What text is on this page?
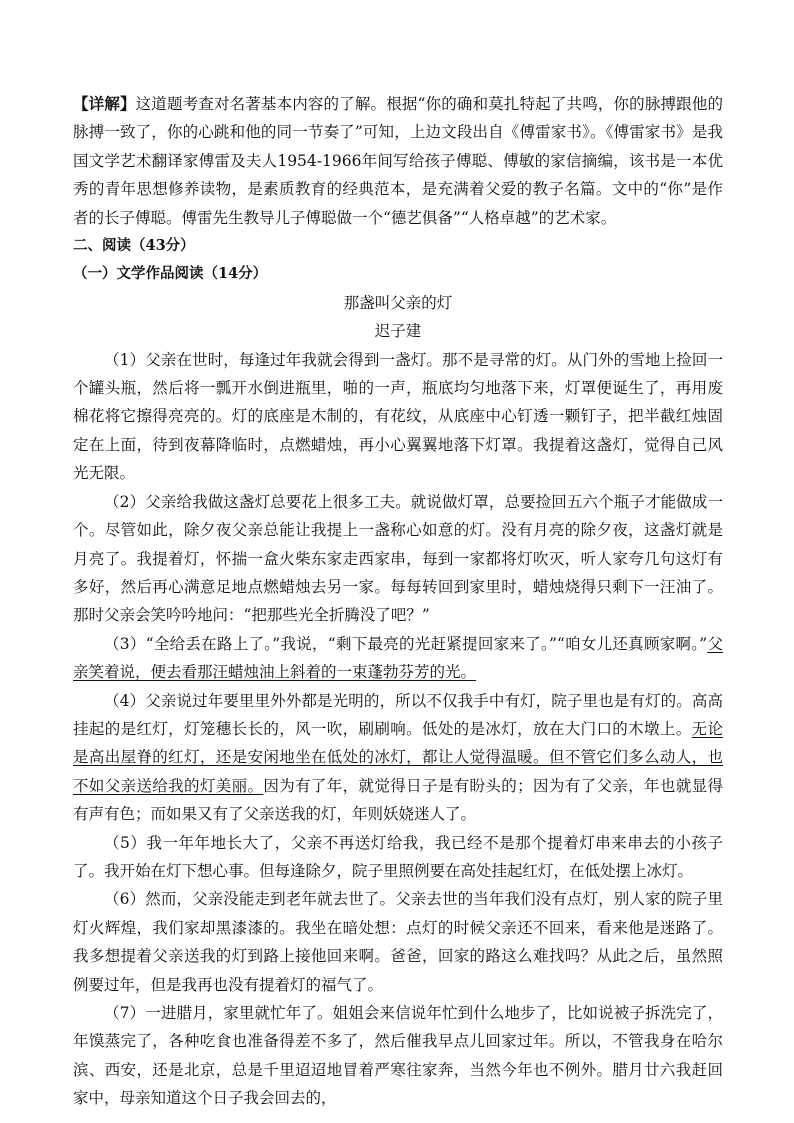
【详解】这道题考查对名著基本内容的了解。根据“你的确和莫扎特起了共鸣，你的脉搏跟他的脉搏一致了，你的心跳和他的同一节奏了”可知，上边文段出自《傅雷家书》。《傅雷家书》是我国文学艺术翻译家傅雷及夫人1954-1966年间写给孩子傅聪、傅敏的家信摘编，该书是一本优秀的青年思想修养读物，是素质教育的经典范本，是充满着父爱的教子名篇。文中的“你”是作者的长子傅聪。傅雷先生教导儿子傅聪做一个“德艺俱备”“人格卓越”的艺术家。

二、阅读（43分）

（一）文学作品阅读（14分）

那盏叫父亲的灯

迟子建

（1）父亲在世时，每逢过年我就会得到一盏灯。那不是寻常的灯。从门外的雪地上捡回一个罐头瓶，然后将一瓢开水倒进瓶里，啪的一声，瓶底均匀地落下来，灯罩便诞生了，再用废棉花将它擦得亮亮的。灯的底座是木制的，有花纹，从底座中心钉透一颗钉子，把半截红烛固定在上面，待到夜幕降临时，点燃蜡烛，再小心翼翼地落下灯罩。我提着这盏灯，觉得自己风光无限。

（2）父亲给我做这盏灯总要花上很多工夫。就说做灯罩，总要捡回五六个瓶子才能做成一个。尽管如此，除夕夜父亲总能让我提上一盏称心如意的灯。没有月亮的除夕夜，这盏灯就是月亮了。我提着灯，怀揣一盒火柴东家走西家串，每到一家都将灯吹灭，听人家夸几句这灯有多好，然后再心满意足地点燃蜡烛去另一家。每每转回到家里时，蜡烛烧得只剩下一汪油了。那时父亲会笑吟吟地问：“把那些光全折腾没了吧？”

（3）“全给丢在路上了。”我说，“剩下最亮的光赶紧提回家来了。”“咱女儿还真顾家啊。”父亲笑着说，便去看那汪蜡烛油上斜着的一束蓬勃芬芳的光。

（4）父亲说过年要里里外外都是光明的，所以不仅我手中有灯，院子里也是有灯的。高高挂起的是红灯，灯笼穗长长的，风一吹，刷刷响。低处的是冰灯，放在大门口的木墩上。无论是高出屋脊的红灯，还是安闲地坐在低处的冰灯，都让人觉得温暖。但不管它们多么动人，也不如父亲送给我的灯美丽。因为有了年，就觉得日子是有盼头的；因为有了父亲，年也就显得有声有色；而如果又有了父亲送我的灯，年则妖娆迷人了。

（5）我一年年地长大了，父亲不再送灯给我，我已经不是那个提着灯串来串去的小孩子了。我开始在灯下想心事。但每逢除夕，院子里照例要在高处挂起红灯，在低处摆上冰灯。

（6）然而，父亲没能走到老年就去世了。父亲去世的当年我们没有点灯，别人家的院子里灯火辉煌，我们家却黑漆漆的。我坐在暗处想：点灯的时候父亲还不回来，看来他是迷路了。我多想提着父亲送我的灯到路上接他回来啊。爸爸，回家的路这么难找吗？从此之后，虽然照例要过年，但是我再也没有提着灯的福气了。

（7）一进腊月，家里就忙年了。姐姐会来信说年忙到什么地步了，比如说被子拆洗完了，年馍蒸完了，各种吃食也准备得差不多了，然后催我早点儿回家过年。所以，不管我身在哈尔滨、西安，还是北京，总是千里迢迢地冒着严寒往家奔，当然今年也不例外。腊月廿六我赶回家中，母亲知道这个日子我会回去的，
